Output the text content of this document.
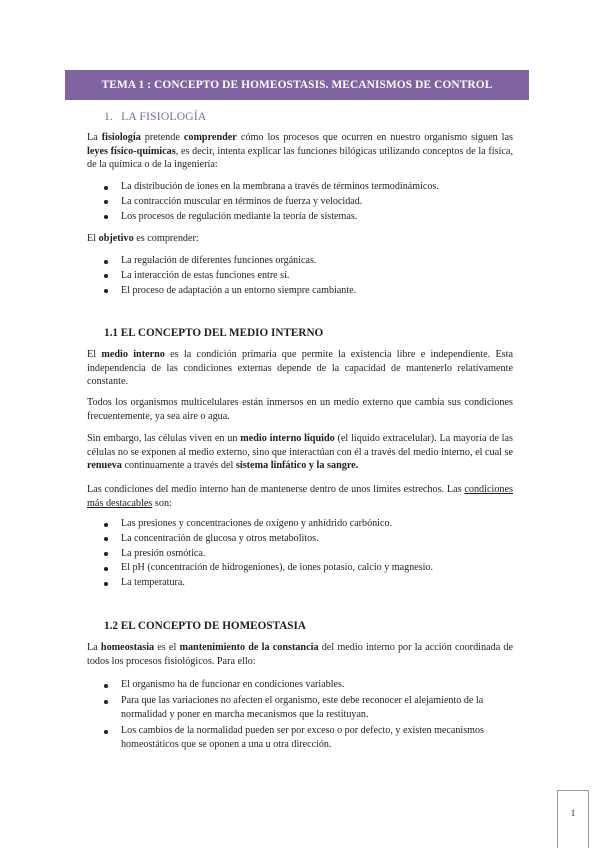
TEMA 1 : CONCEPTO DE HOMEOSTASIS. MECANISMOS DE CONTROL
1. LA FISIOLOGÍA
La fisiología pretende comprender cómo los procesos que ocurren en nuestro organismo siguen las leyes físico-químicas, es decir, intenta explicar las funciones bilógicas utilizando conceptos de la física, de la química o de la ingeniería:
La distribución de iones en la membrana a través de términos termodinámicos.
La contracción muscular en términos de fuerza y velocidad.
Los procesos de regulación mediante la teoría de sistemas.
El objetivo es comprender:
La regulación de diferentes funciones orgánicas.
La interacción de estas funciones entre sí.
El proceso de adaptación a un entorno siempre cambiante.
1.1 EL CONCEPTO DEL MEDIO INTERNO
El medio interno es la condición primaria que permite la existencia libre e independiente. Esta independencia de las condiciones externas depende de la capacidad de mantenerlo relativamente constante.
Todos los organismos multicelulares están inmersos en un medio externo que cambia sus condiciones frecuentemente, ya sea aire o agua.
Sin embargo, las células viven en un medio interno líquido (el líquido extracelular). La mayoría de las células no se exponen al medio externo, sino que interactúan con él a través del medio interno, el cual se renueva continuamente a través del sistema linfático y la sangre.
Las condiciones del medio interno han de mantenerse dentro de unos límites estrechos. Las condiciones más destacables son:
Las presiones y concentraciones de oxígeno y anhídrido carbónico.
La concentración de glucosa y otros metabolitos.
La presión osmótica.
El pH (concentración de hidrogeniones), de iones potasio, calcio y magnesio.
La temperatura.
1.2 EL CONCEPTO DE HOMEOSTASIA
La homeostasia es el mantenimiento de la constancia del medio interno por la acción coordinada de todos los procesos fisiológicos. Para ello:
El organismo ha de funcionar en condiciones variables.
Para que las variaciones no afecten el organismo, este debe reconocer el alejamiento de la normalidad y poner en marcha mecanismos que la restituyan.
Los cambios de la normalidad pueden ser por exceso o por defecto, y existen mecanismos homeostáticos que se oponen a una u otra dirección.
1
